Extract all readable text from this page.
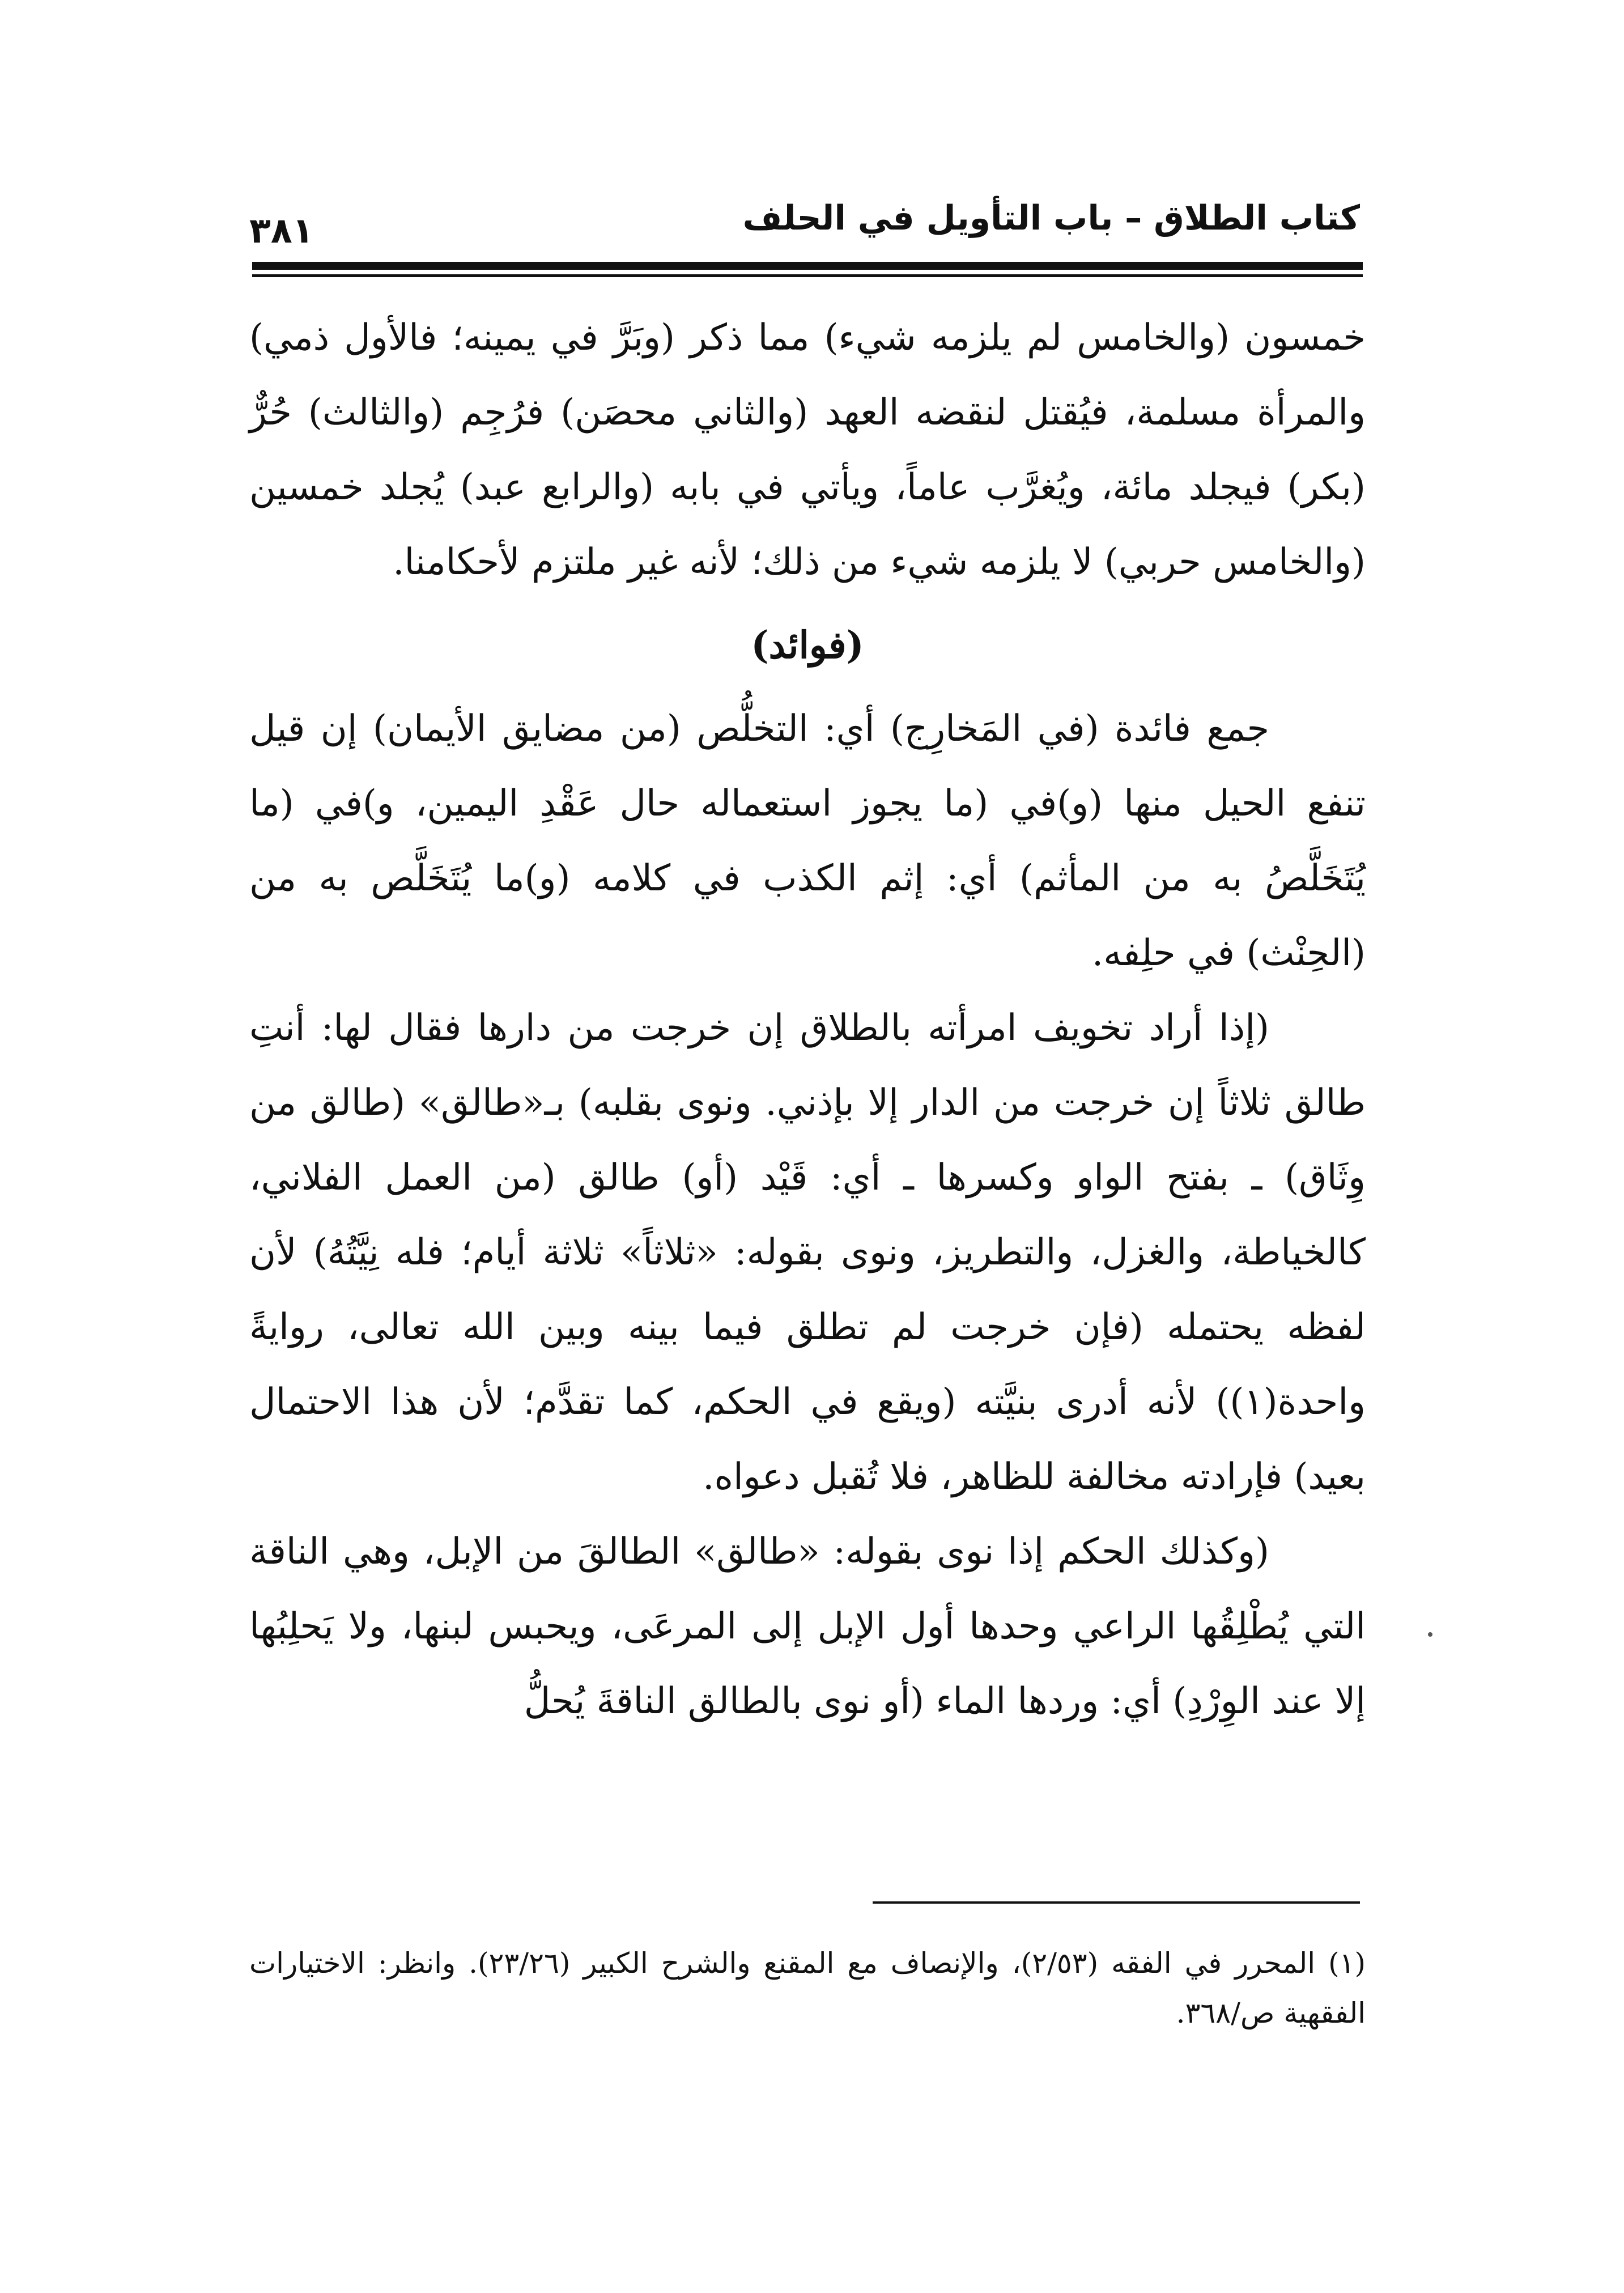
كتاب الطلاق – باب التأويل في الحلف
٣٨١

خمسون (والخامس لم يلزمه شيء) مما ذكر (وبَرَّ في يمينه؛ فالأول ذمي) والمرأة مسلمة، فيُقتل لنقضه العهد (والثاني محصَن) فرُجِم (والثالث) حُرٌّ (بكر) فيجلد مائة، ويُغرَّب عاماً، ويأتي في بابه (والرابع عبد) يُجلد خمسين (والخامس حربي) لا يلزمه شيء من ذلك؛ لأنه غير ملتزم لأحكامنا.

(فوائد)

جمع فائدة (في المَخارِج) أي: التخلُّص (من مضايق الأيمان) إن قيل تنفع الحيل منها (و)في (ما يجوز استعماله حال عَقْدِ اليمين، و)في (ما يُتَخَلَّصُ به من المأثم) أي: إثم الكذب في كلامه (و)ما يُتَخَلَّص به من (الحِنْث) في حلِفه.

(إذا أراد تخويف امرأته بالطلاق إن خرجت من دارها فقال لها: أنتِ طالق ثلاثاً إن خرجت من الدار إلا بإذني. ونوى بقلبه) بـ«طالق» (طالق من وِثَاق) ـ بفتح الواو وكسرها ـ أي: قَيْد (أو) طالق (من العمل الفلاني، كالخياطة، والغزل، والتطريز، ونوى بقوله: «ثلاثاً» ثلاثة أيام؛ فله نِيَّتُهُ) لأن لفظه يحتمله (فإن خرجت لم تطلق فيما بينه وبين الله تعالى، روايةً واحدة(١)) لأنه أدرى بنيَّته (ويقع في الحكم، كما تقدَّم؛ لأن هذا الاحتمال بعيد) فإرادته مخالفة للظاهر، فلا تُقبل دعواه.

(وكذلك الحكم إذا نوى بقوله: «طالق» الطالقَ من الإبل، وهي الناقة التي يُطْلِقُها الراعي وحدها أول الإبل إلى المرعَى، ويحبس لبنها، ولا يَحلِبُها إلا عند الوِرْدِ) أي: وردها الماء (أو نوى بالطالق الناقةَ يُحلُّ

(١) المحرر في الفقه (٢/٥٣)، والإنصاف مع المقنع والشرح الكبير (٢٣/٢٦). وانظر: الاختيارات الفقهية ص/٣٦٨.
